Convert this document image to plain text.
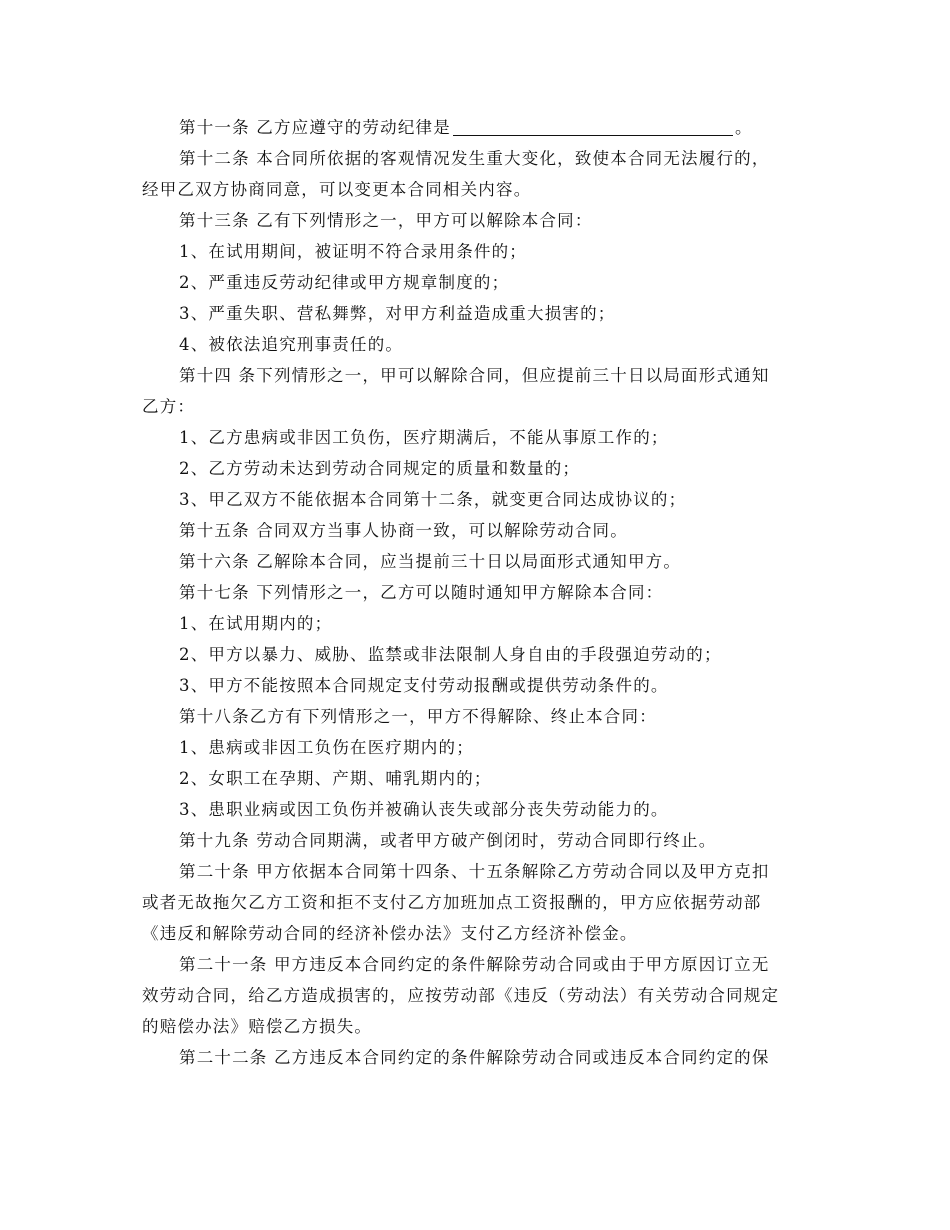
第十一条 乙方应遵守的劳动纪律是	。
第十二条 本合同所依据的客观情况发生重大变化，致使本合同无法履行的，
经甲乙双方协商同意，可以变更本合同相关内容。
第十三条 乙有下列情形之一，甲方可以解除本合同：
1、在试用期间，被证明不符合录用条件的；
2、严重违反劳动纪律或甲方规章制度的；
3、严重失职、营私舞弊，对甲方利益造成重大损害的；
4、被依法追究刑事责任的。
第十四 条下列情形之一，甲可以解除合同，但应提前三十日以局面形式通知
乙方：
1、乙方患病或非因工负伤，医疗期满后，不能从事原工作的；
2、乙方劳动未达到劳动合同规定的质量和数量的；
3、甲乙双方不能依据本合同第十二条，就变更合同达成协议的；
第十五条 合同双方当事人协商一致，可以解除劳动合同。
第十六条 乙解除本合同，应当提前三十日以局面形式通知甲方。
第十七条 下列情形之一，乙方可以随时通知甲方解除本合同：
1、在试用期内的；
2、甲方以暴力、威胁、监禁或非法限制人身自由的手段强迫劳动的；
3、甲方不能按照本合同规定支付劳动报酬或提供劳动条件的。
第十八条乙方有下列情形之一，甲方不得解除、终止本合同：
1、患病或非因工负伤在医疗期内的；
2、女职工在孕期、产期、哺乳期内的；
3、患职业病或因工负伤并被确认丧失或部分丧失劳动能力的。
第十九条 劳动合同期满，或者甲方破产倒闭时，劳动合同即行终止。
第二十条 甲方依据本合同第十四条、十五条解除乙方劳动合同以及甲方克扣
或者无故拖欠乙方工资和拒不支付乙方加班加点工资报酬的，甲方应依据劳动部
《违反和解除劳动合同的经济补偿办法》支付乙方经济补偿金。
第二十一条 甲方违反本合同约定的条件解除劳动合同或由于甲方原因订立无
效劳动合同，给乙方造成损害的，应按劳动部《违反（劳动法）有关劳动合同规定
的赔偿办法》赔偿乙方损失。
第二十二条 乙方违反本合同约定的条件解除劳动合同或违反本合同约定的保
